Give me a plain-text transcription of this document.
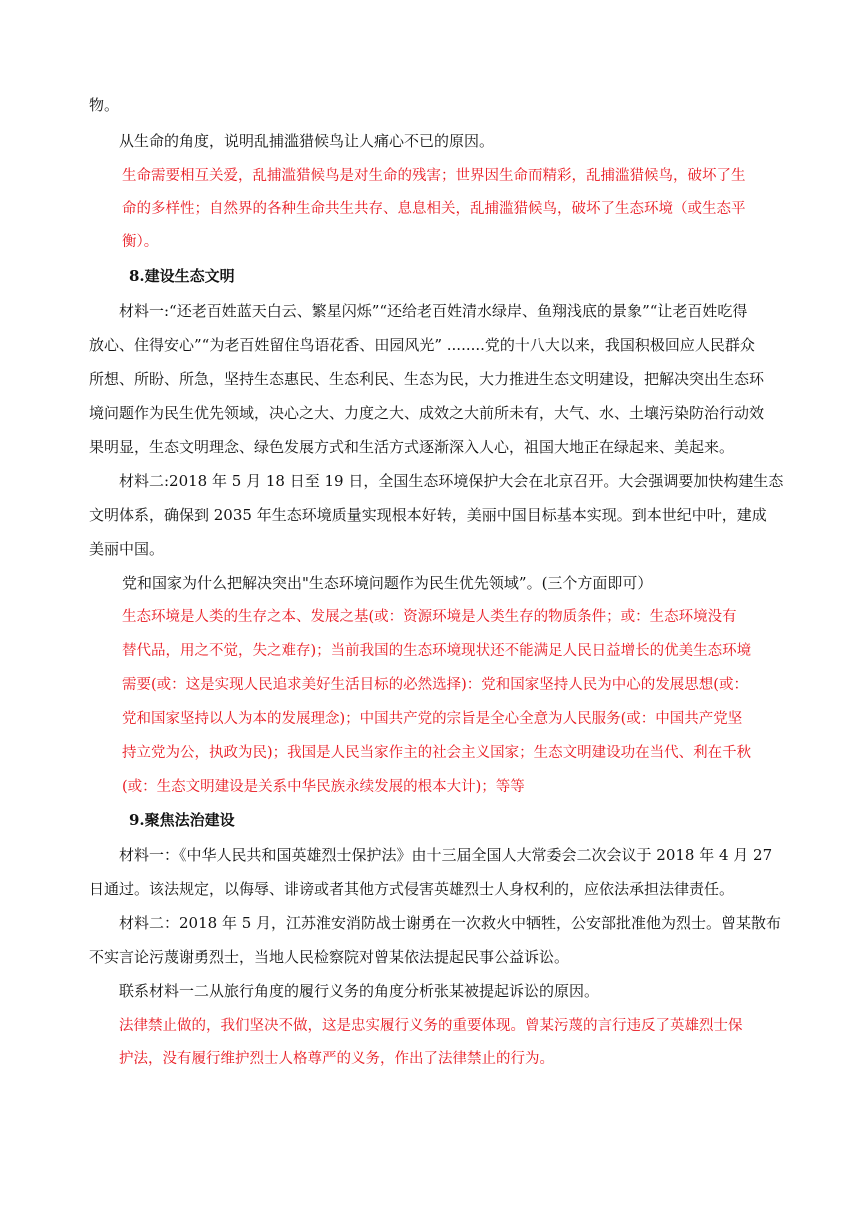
物。
从生命的角度，说明乱捕滥猎候鸟让人痛心不已的原因。
生命需要相互关爱，乱捕滥猎候鸟是对生命的残害；世界因生命而精彩，乱捕滥猎候鸟，破坏了生
命的多样性；自然界的各种生命共生共存、息息相关，乱捕滥猎候鸟，破坏了生态环境（或生态平
衡）。
8.建设生态文明
材料一:“还老百姓蓝天白云、繁星闪烁”“还给老百姓清水绿岸、鱼翔浅底的景象”“让老百姓吃得
放心、住得安心”“为老百姓留住鸟语花香、田园风光” ........党的十八大以来，我国积极回应人民群众
所想、所盼、所急，坚持生态惠民、生态利民、生态为民，大力推进生态文明建设，把解决突出生态环
境问题作为民生优先领域，决心之大、力度之大、成效之大前所未有，大气、水、土壤污染防治行动效
果明显，生态文明理念、绿色发展方式和生活方式逐渐深入人心，祖国大地正在绿起来、美起来。
材料二:2018 年 5 月 18 日至 19 日，全国生态环境保护大会在北京召开。大会强调要加快构建生态
文明体系，确保到 2035 年生态环境质量实现根本好转，美丽中国目标基本实现。到本世纪中叶，建成
美丽中国。
党和国家为什么把解决突出"生态环境问题作为民生优先领域”。(三个方面即可）
生态环境是人类的生存之本、发展之基(或：资源环境是人类生存的物质条件；或：生态环境没有
替代品，用之不觉，失之难存)；当前我国的生态环境现状还不能满足人民日益增长的优美生态环境
需要(或：这是实现人民追求美好生活目标的必然选择)：党和国家坚持人民为中心的发展思想(或：
党和国家坚持以人为本的发展理念)；中国共产党的宗旨是全心全意为人民服务(或：中国共产党坚
持立党为公，执政为民)；我国是人民当家作主的社会主义国家；生态文明建设功在当代、利在千秋
(或：生态文明建设是关系中华民族永续发展的根本大计)；等等
9.聚焦法治建设
材料一：《中华人民共和国英雄烈士保护法》由十三届全国人大常委会二次会议于 2018 年 4 月 27
日通过。该法规定，以侮辱、诽谤或者其他方式侵害英雄烈士人身权利的，应依法承担法律责任。
材料二：2018 年 5 月，江苏淮安消防战士谢勇在一次救火中牺牲，公安部批准他为烈士。曾某散布
不实言论污蔑谢勇烈士，当地人民检察院对曾某依法提起民事公益诉讼。
联系材料一二从旅行角度的履行义务的角度分析张某被提起诉讼的原因。
法律禁止做的，我们坚决不做，这是忠实履行义务的重要体现。曾某污蔑的言行违反了英雄烈士保
护法，没有履行维护烈士人格尊严的义务，作出了法律禁止的行为。
